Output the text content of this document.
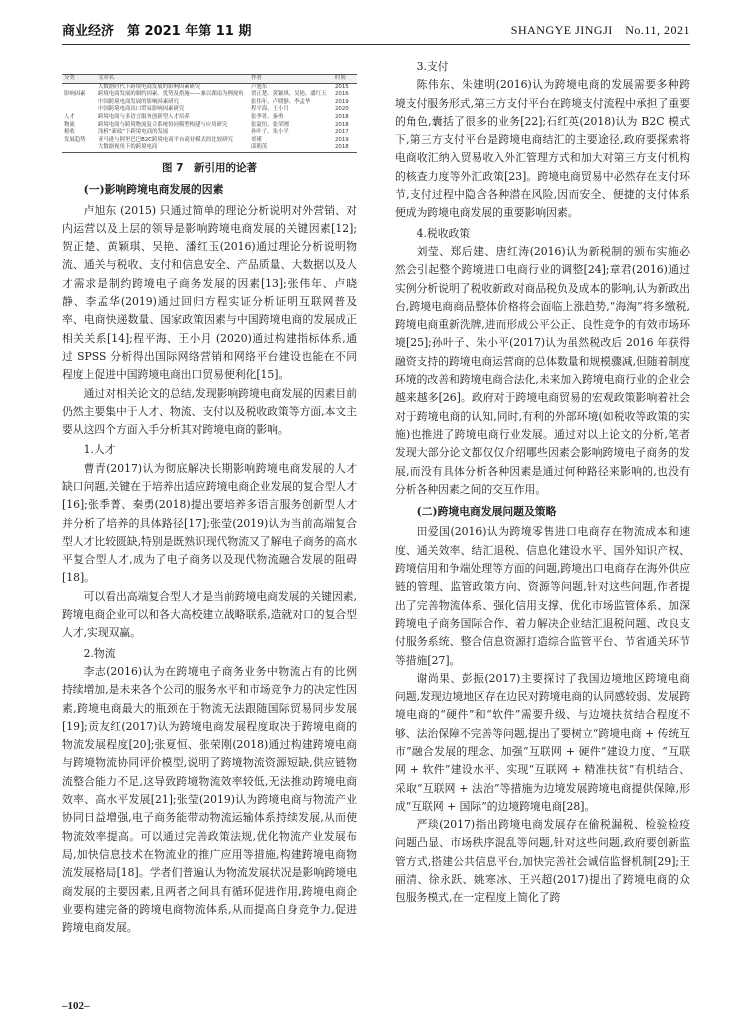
商业经济　第 2021 年第 11 期	SHANGYE JINGJI　No.11, 2021
分类	文章名	作者	时间
	大数据时代下跨境电商发展的影响因素研究	卢旭东	2015
影响因素	跨境电商发展的制约因素、优势及措施——兼以湖南为例视角	贺正楚、黄颖琪、吴艳、潘红玉	2016
	中国跨境电商发展的影响因素研究	张伟年、卢晓静、李孟华	2019
	中国跨境电商出口贸易影响因素研究	程平海、王小月	2020
人才	跨境电商与多语言服务创新型人才培养	张季菁、秦勇	2018
物流	跨境电商与跨境物流复合系统协同模型构建与应用研究	张夏恒、张荣刚	2018
税收	浅析“新政”下跨境电商的发展	孙叶子、朱小平	2017
发展趋势	亚马逊与阿里巴巴B2C跨境电商平台商业模式的比较研究	哥瑾	2019
	大数据视角下的跨境电商	邱朝茂	2018
图 7　新引用的论著

(一)影响跨境电商发展的因素

卢旭东 (2015) 只通过简单的理论分析说明对外营销、对内运营以及上层的领导是影响跨境电商发展的关键因素[12];贺正楚、黄颖琪、吴艳、潘红玉(2016)通过理论分析说明物流、通关与税收、支付和信息安全、产品质量、大数据以及人才需求是制约跨境电子商务发展的因素[13];张伟年、卢晓静、李孟华(2019)通过回归方程实证分析证明互联网普及率、电商快递数量、国家政策因素与中国跨境电商的发展成正相关关系[14];程平海、王小月 (2020)通过构建指标体系,通过 SPSS 分析得出国际网络营销和网络平台建设也能在不同程度上促进中国跨境电商出口贸易便利化[15]。

通过对相关论文的总结,发现影响跨境电商发展的因素目前仍然主要集中于人才、物流、支付以及税收政策等方面,本文主要从这四个方面入手分析其对跨境电商的影响。

1.人才

曹青(2017)认为彻底解决长期影响跨境电商发展的人才缺口问题,关键在于培养出适应跨境电商企业发展的复合型人才[16];张季菁、秦勇(2018)提出要培养多语言服务创新型人才并分析了培养的具体路径[17];张莹(2019)认为当前高端复合型人才比较匮缺,特别是既熟识现代物流又了解电子商务的高水平复合型人才,成为了电子商务以及现代物流融合发展的阻碍[18]。

可以看出高端复合型人才是当前跨境电商发展的关键因素,跨境电商企业可以和各大高校建立战略联系,造就对口的复合型人才,实现双赢。

2.物流

李志(2016)认为在跨境电子商务业务中物流占有的比例持续增加,是未来各个公司的服务水平和市场竞争力的决定性因素,跨境电商最大的瓶颈在于物流无法跟随国际贸易同步发展[19];贡友红(2017)认为跨境电商发展程度取决于跨境电商的物流发展程度[20];张夏恒、张荣刚(2018)通过构建跨境电商与跨境物流协同评价模型,说明了跨境物流资源短缺,供应链物流整合能力不足,这导致跨境物流效率较低,无法推动跨境电商效率、高水平发展[21];张莹(2019)认为跨境电商与物流产业协同日益增强,电子商务能带动物流运输体系持续发展,从而使物流效率提高。可以通过完善政策法规,优化物流产业发展布局,加快信息技术在物流业的推广应用等措施,构建跨境电商物流发展格局[18]。学者们普遍认为物流发展状况是影响跨境电商发展的主要因素,且两者之间具有循环促进作用,跨境电商企业要构建完备的跨境电商物流体系,从而提高自身竞争力,促进跨境电商发展。

3.支付

陈伟东、朱建明(2016)认为跨境电商的发展需要多种跨境支付服务形式,第三方支付平台在跨境支付流程中承担了重要的角色,囊括了很多的业务[22];石红英(2018)认为 B2C 模式下,第三方支付平台是跨境电商结汇的主要途径,政府要探索将电商收汇纳入贸易收入外汇管理方式和加大对第三方支付机构的核查力度等外汇政策[23]。跨境电商贸易中必然存在支付环节,支付过程中隐含各种潜在风险,因而安全、便捷的支付体系便成为跨境电商发展的重要影响因素。

4.税收政策

刘莹、郑后建、唐红涛(2016)认为新税制的颁布实施必然会引起整个跨境进口电商行业的调整[24];章君(2016)通过实例分析说明了税收新政对商品税负及成本的影响,认为新政出台,跨境电商商品整体价格将会面临上涨趋势,“海淘”将多缴税,跨境电商重新洗牌,进而形成公平公正、良性竞争的有效市场环境[25];孙叶子、朱小平(2017)认为虽然税改后 2016 年获得融资支持的跨境电商运营商的总体数量和规模骤减,但随着制度环境的改善和跨境电商合法化,未来加入跨境电商行业的企业会越来越多[26]。政府对于跨境电商贸易的宏观政策影响着社会对于跨境电商的认知,同时,有利的外部环境(如税收等政策的实施)也推进了跨境电商行业发展。通过对以上论文的分析,笔者发现大部分论文都仅仅介绍哪些因素会影响跨境电子商务的发展,而没有具体分析各种因素是通过何种路径来影响的,也没有分析各种因素之间的交互作用。

(二)跨境电商发展问题及策略

田爱国(2016)认为跨境零售进口电商存在物流成本和速度、通关效率、结汇退税、信息化建设水平、国外知识产权、跨境信用和争端处理等方面的问题,跨境出口电商存在海外供应链的管理、监管政策方向、资源等问题,针对这些问题,作者提出了完善物流体系、强化信用支撑、优化市场监管体系、加深跨境电子商务国际合作、着力解决企业结汇退税问题、改良支付服务系统、整合信息资源打造综合监管平台、节省通关环节等措施[27]。

谢尚果、彭振(2017)主要探讨了我国边境地区跨境电商问题,发现边境地区存在边民对跨境电商的认同感较弱、发展跨境电商的“硬件”和“软件”需要升级、与边境扶贫结合程度不够、法治保障不完善等问题,提出了要树立“跨境电商 + 传统互市”融合发展的理念、加强“互联网 + 硬件”建设力度、“互联网 + 软件”建设水平、实现“互联网 + 精准扶贫”有机结合、采取“互联网 + 法治”等措施为边境发展跨境电商提供保障,形成“互联网 + 国际”的边境跨境电商[28]。

严琰(2017)指出跨境电商发展存在偷税漏税、检验检疫问题凸显、市场秩序混乱等问题,针对这些问题,政府要创新监管方式,搭建公共信息平台,加快完善社会诚信监督机制[29];王丽清、徐永跃、姚寒冰、王兴超(2017)提出了跨境电商的众包服务模式,在一定程度上简化了跨

–102–
